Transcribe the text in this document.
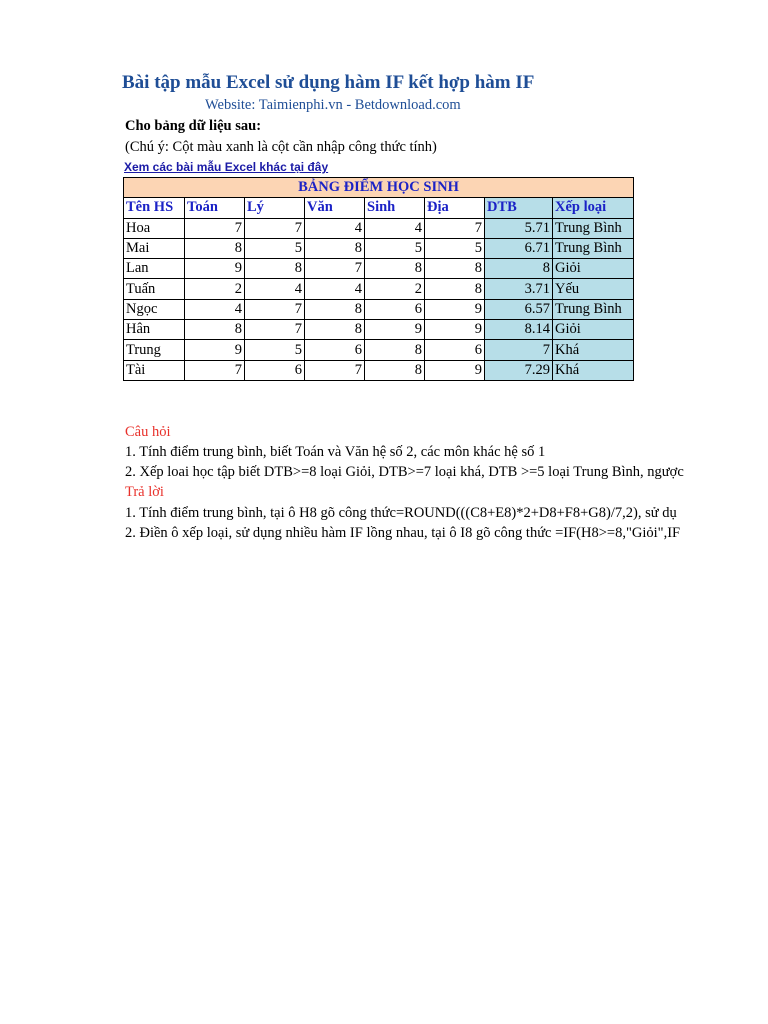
Bài tập mẫu Excel sử dụng hàm IF kết hợp hàm IF
Website: Taimienphi.vn - Betdownload.com
Cho bảng dữ liệu sau:
(Chú ý: Cột màu xanh là cột cần nhập công thức tính)
Xem các bài mẫu Excel khác tại đây
BẢNG ĐIỂM HỌC SINH							
Tên HS	Toán	Lý	Văn	Sinh	Địa	DTB	Xếp loại
Hoa	7	7	4	4	7	5.71	Trung Bình
Mai	8	5	8	5	5	6.71	Trung Bình
Lan	9	8	7	8	8	8	Giỏi
Tuấn	2	4	4	2	8	3.71	Yếu
Ngọc	4	7	8	6	9	6.57	Trung Bình
Hân	8	7	8	9	9	8.14	Giỏi
Trung	9	5	6	8	6	7	Khá
Tài	7	6	7	8	9	7.29	Khá
Câu hỏi
1. Tính điểm trung bình, biết Toán và Văn hệ số 2, các môn khác hệ số 1
2. Xếp loai học tập biết DTB>=8 loại Giỏi, DTB>=7 loại khá, DTB >=5 loại Trung Bình, ngược
Trả lời
1. Tính điểm trung bình, tại ô H8 gõ công thức=ROUND(((C8+E8)*2+D8+F8+G8)/7,2), sử dụ
2. Điền ô xếp loại, sử dụng nhiều hàm IF lồng nhau, tại ô I8 gõ công thức =IF(H8>=8,"Giỏi",IF
